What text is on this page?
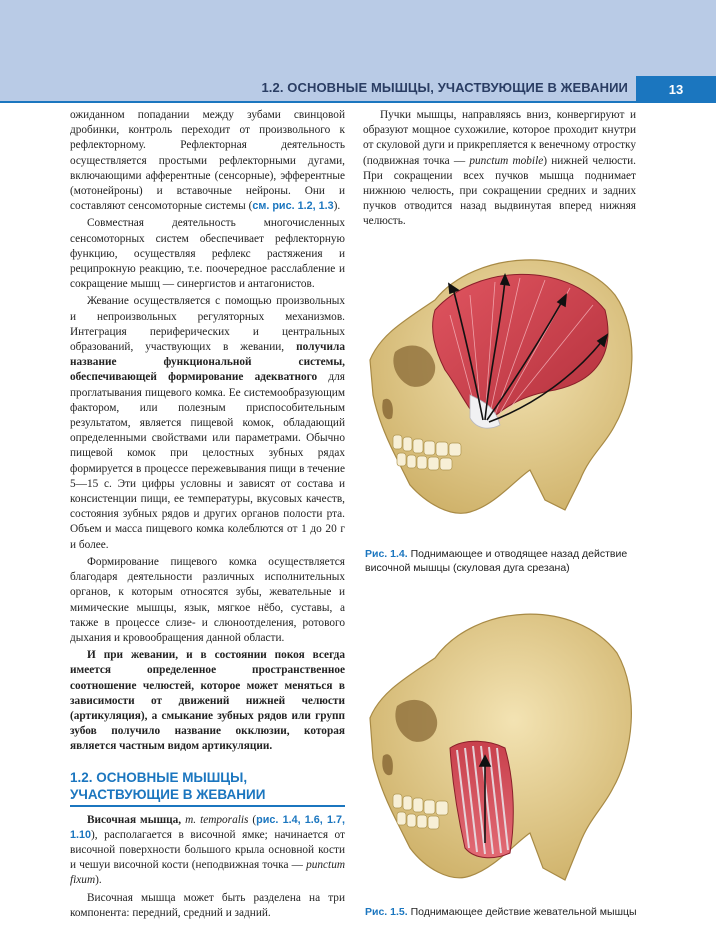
1.2. ОСНОВНЫЕ МЫШЦЫ, УЧАСТВУЮЩИЕ В ЖЕВАНИИ	13

ожиданном попадании между зубами свинцовой дробинки, контроль переходит от произвольного к рефлекторному. Рефлекторная деятельность осуществляется простыми рефлекторными дугами, включающими афферентные (сенсорные), эфферентные (мотонейроны) и вставочные нейроны. Они и составляют сенсомоторные системы (см. рис. 1.2, 1.3).

Совместная деятельность многочисленных сенсомоторных систем обеспечивает рефлекторную функцию, осуществляя рефлекс растяжения и реципрокную реакцию, т.е. поочередное расслабление и сокращение мышц — синергистов и антагонистов.

Жевание осуществляется с помощью произвольных и непроизвольных регуляторных механизмов. Интеграция периферических и центральных образований, участвующих в жевании, получила название функциональной системы, обеспечивающей формирование адекватного для проглатывания пищевого комка. Ее системообразующим фактором, или полезным приспособительным результатом, является пищевой комок, обладающий определенными свойствами или параметрами. Обычно пищевой комок при целостных зубных рядах формируется в процессе пережевывания пищи в течение 5—15 с. Эти цифры условны и зависят от состава и консистенции пищи, ее температуры, вкусовых качеств, состояния зубных рядов и других органов полости рта. Объем и масса пищевого комка колеблются от 1 до 20 г и более.

Формирование пищевого комка осуществляется благодаря деятельности различных исполнительных органов, к которым относятся зубы, жевательные и мимические мышцы, язык, мягкое нёбо, суставы, а также в процессе слизе- и слюноотделения, ротового дыхания и кровообращения данной области.

И при жевании, и в состоянии покоя всегда имеется определенное пространственное соотношение челюстей, которое может меняться в зависимости от движений нижней челюсти (артикуляция), а смыкание зубных рядов или групп зубов получило название окклюзии, которая является частным видом артикуляции.

1.2. ОСНОВНЫЕ МЫШЦЫ, УЧАСТВУЮЩИЕ В ЖЕВАНИИ

Височная мышца, m. temporalis (рис. 1.4, 1.6, 1.7, 1.10), располагается в височной ямке; начинается от височной поверхности большого крыла основной кости и чешуи височной кости (неподвижная точка — punctum fixum).

Височная мышца может быть разделена на три компонента: передний, средний и задний.

Пучки мышцы, направляясь вниз, конвергируют и образуют мощное сухожилие, которое проходит кнутри от скуловой дуги и прикрепляется к венечному отростку (подвижная точка — punctum mobile) нижней челюсти. При сокращении всех пучков мышца поднимает нижнюю челюсть, при сокращении средних и задних пучков отводится назад выдвинутая вперед нижняя челюсть.

Рис. 1.4. Поднимающее и отводящее назад действие височной мышцы (скуловая дуга срезана)
Рис. 1.5. Поднимающее действие жевательной мышцы
